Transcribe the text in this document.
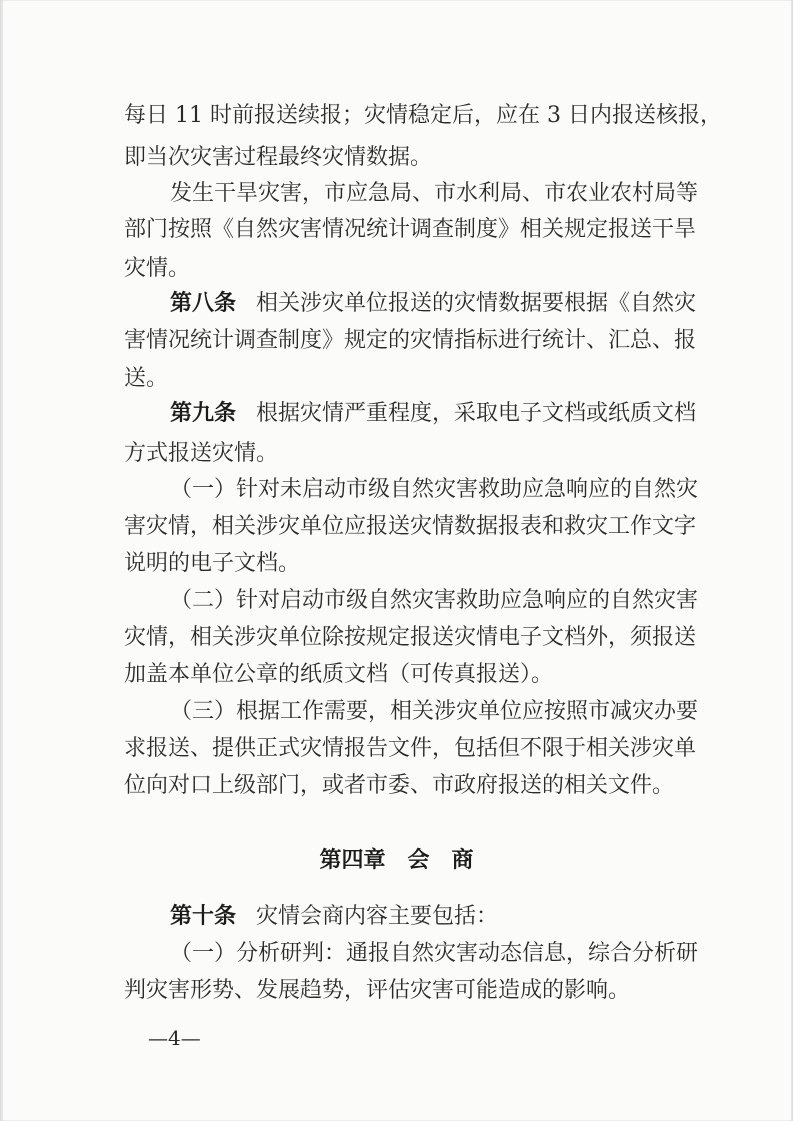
每日 11 时前报送续报；灾情稳定后，应在 3 日内报送核报，
即当次灾害过程最终灾情数据。
发生干旱灾害，市应急局、市水利局、市农业农村局等
部门按照《自然灾害情况统计调查制度》相关规定报送干旱
灾情。
第八条 相关涉灾单位报送的灾情数据要根据《自然灾
害情况统计调查制度》规定的灾情指标进行统计、汇总、报
送。
第九条 根据灾情严重程度，采取电子文档或纸质文档
方式报送灾情。
（一）针对未启动市级自然灾害救助应急响应的自然灾
害灾情，相关涉灾单位应报送灾情数据报表和救灾工作文字
说明的电子文档。
（二）针对启动市级自然灾害救助应急响应的自然灾害
灾情，相关涉灾单位除按规定报送灾情电子文档外，须报送
加盖本单位公章的纸质文档（可传真报送）。
（三）根据工作需要，相关涉灾单位应按照市减灾办要
求报送、提供正式灾情报告文件，包括但不限于相关涉灾单
位向对口上级部门，或者市委、市政府报送的相关文件。
第四章　会　商
第十条 灾情会商内容主要包括：
（一）分析研判：通报自然灾害动态信息，综合分析研
判灾害形势、发展趋势，评估灾害可能造成的影响。
—4—
